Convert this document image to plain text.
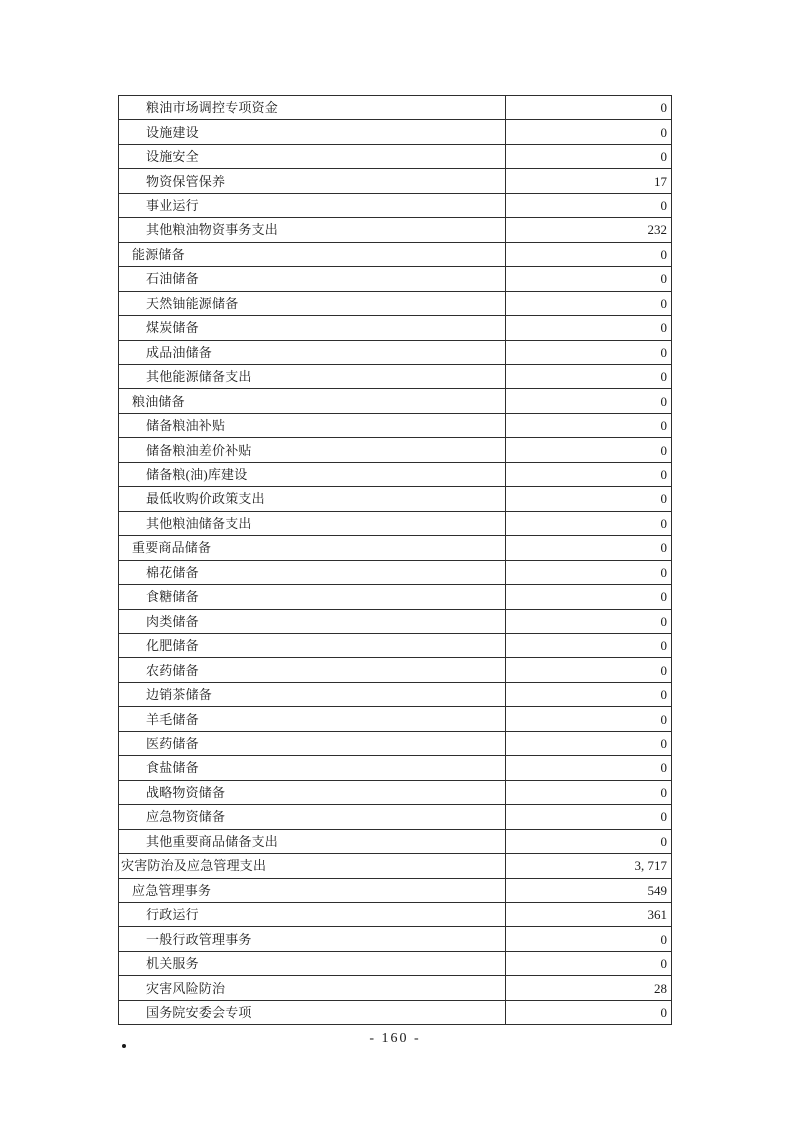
粮油市场调控专项资金	0
设施建设	0
设施安全	0
物资保管保养	17
事业运行	0
其他粮油物资事务支出	232
能源储备	0
石油储备	0
天然铀能源储备	0
煤炭储备	0
成品油储备	0
其他能源储备支出	0
粮油储备	0
储备粮油补贴	0
储备粮油差价补贴	0
储备粮(油)库建设	0
最低收购价政策支出	0
其他粮油储备支出	0
重要商品储备	0
棉花储备	0
食糖储备	0
肉类储备	0
化肥储备	0
农药储备	0
边销茶储备	0
羊毛储备	0
医药储备	0
食盐储备	0
战略物资储备	0
应急物资储备	0
其他重要商品储备支出	0
灾害防治及应急管理支出	3, 717
应急管理事务	549
行政运行	361
一般行政管理事务	0
机关服务	0
灾害风险防治	28
国务院安委会专项	0
- 160 -
